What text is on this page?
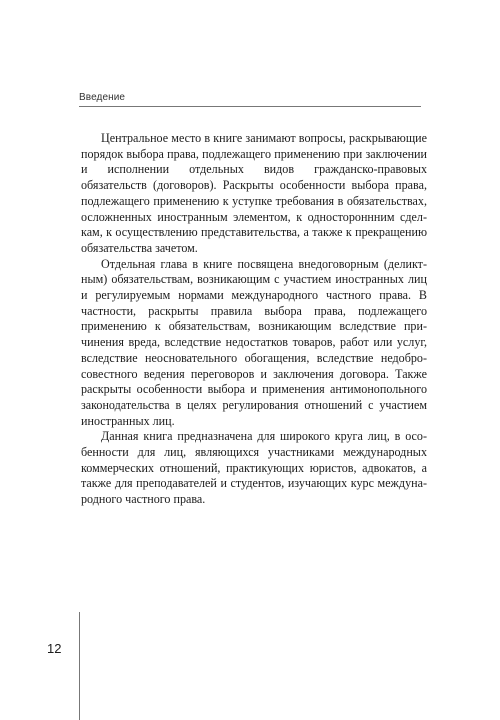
Введение

Центральное место в книге занимают вопросы, раскрывающие порядок выбора права, подлежащего применению при заключении и исполнении отдельных видов гражданско-правовых обязательств (договоров). Раскрыты особенности выбора права, подлежащего применению к уступке требования в обязательствах, осложненных иностранным элементом, к одностороннним сделкам, к осуществлению представительства, а также к прекращению обязательства зачетом.

Отдельная глава в книге посвящена внедоговорным (деликтным) обязательствам, возникающим с участием иностранных лиц и регулируемым нормами международного частного права. В частности, раскрыты правила выбора права, подлежащего применению к обязательствам, возникающим вследствие причинения вреда, вследствие недостатков товаров, работ или услуг, вследствие неосновательного обогащения, вследствие недобросовестного ведения переговоров и заключения договора. Также раскрыты особенности выбора и применения антимонопольного законодательства в целях регулирования отношений с участием иностранных лиц.

Данная книга предназначена для широкого круга лиц, в особенности для лиц, являющихся участниками международных коммерческих отношений, практикующих юристов, адвокатов, а также для преподавателей и студентов, изучающих курс международного частного права.

12
